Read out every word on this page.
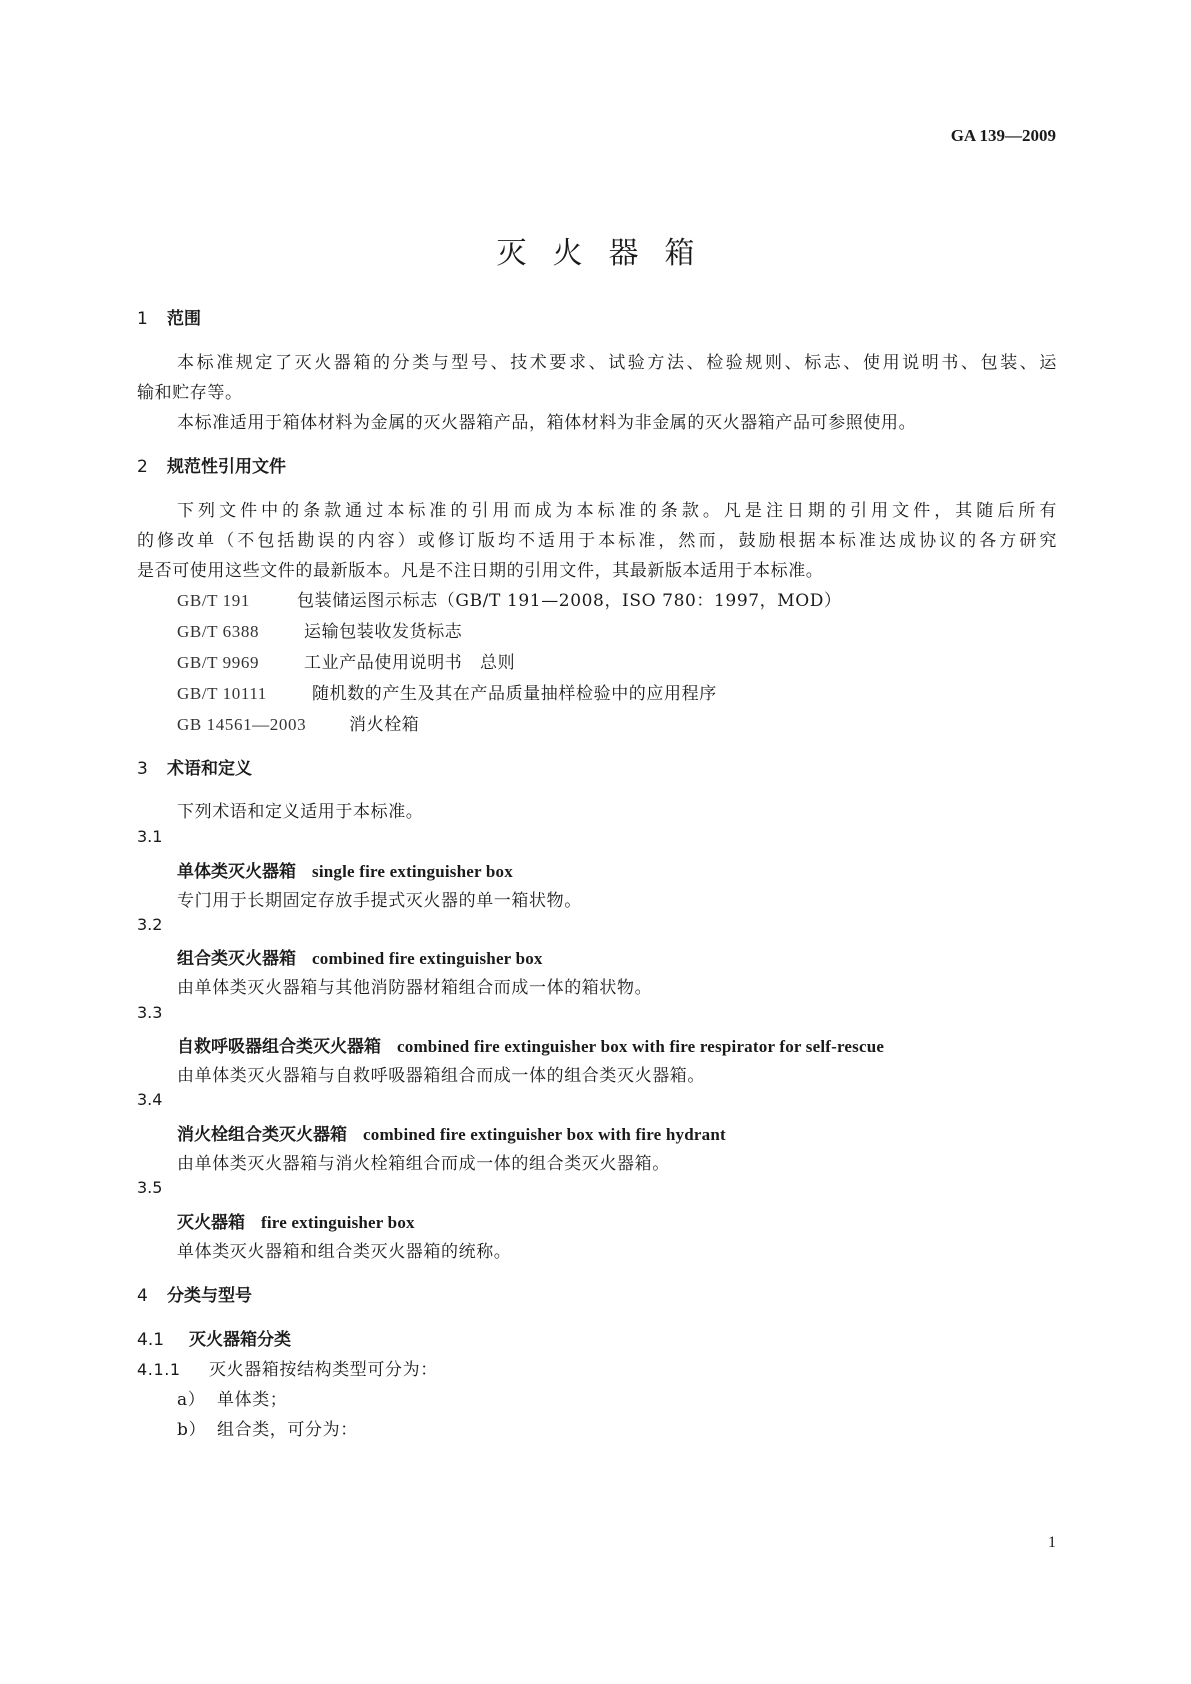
GA 139—2009
灭火器箱
1 范围
本标准规定了灭火器箱的分类与型号、技术要求、试验方法、检验规则、标志、使用说明书、包装、运
输和贮存等。
本标准适用于箱体材料为金属的灭火器箱产品，箱体材料为非金属的灭火器箱产品可参照使用。
2 规范性引用文件
下列文件中的条款通过本标准的引用而成为本标准的条款。凡是注日期的引用文件，其随后所有
的修改单（不包括勘误的内容）或修订版均不适用于本标准，然而，鼓励根据本标准达成协议的各方研究
是否可使用这些文件的最新版本。凡是不注日期的引用文件，其最新版本适用于本标准。
GB/T 191	包装储运图示标志（GB/T 191—2008，ISO 780：1997，MOD）
GB/T 6388	运输包装收发货标志
GB/T 9969	工业产品使用说明书　总则
GB/T 10111	随机数的产生及其在产品质量抽样检验中的应用程序
GB 14561—2003	消火栓箱
3 术语和定义
下列术语和定义适用于本标准。
3.1
单体类灭火器箱 single fire extinguisher box
专门用于长期固定存放手提式灭火器的单一箱状物。
3.2
组合类灭火器箱 combined fire extinguisher box
由单体类灭火器箱与其他消防器材箱组合而成一体的箱状物。
3.3
自救呼吸器组合类灭火器箱 combined fire extinguisher box with fire respirator for self-rescue
由单体类灭火器箱与自救呼吸器箱组合而成一体的组合类灭火器箱。
3.4
消火栓组合类灭火器箱 combined fire extinguisher box with fire hydrant
由单体类灭火器箱与消火栓箱组合而成一体的组合类灭火器箱。
3.5
灭火器箱 fire extinguisher box
单体类灭火器箱和组合类灭火器箱的统称。
4 分类与型号
4.1 灭火器箱分类
4.1.1 灭火器箱按结构类型可分为：
a） 单体类；
b） 组合类，可分为：
1
